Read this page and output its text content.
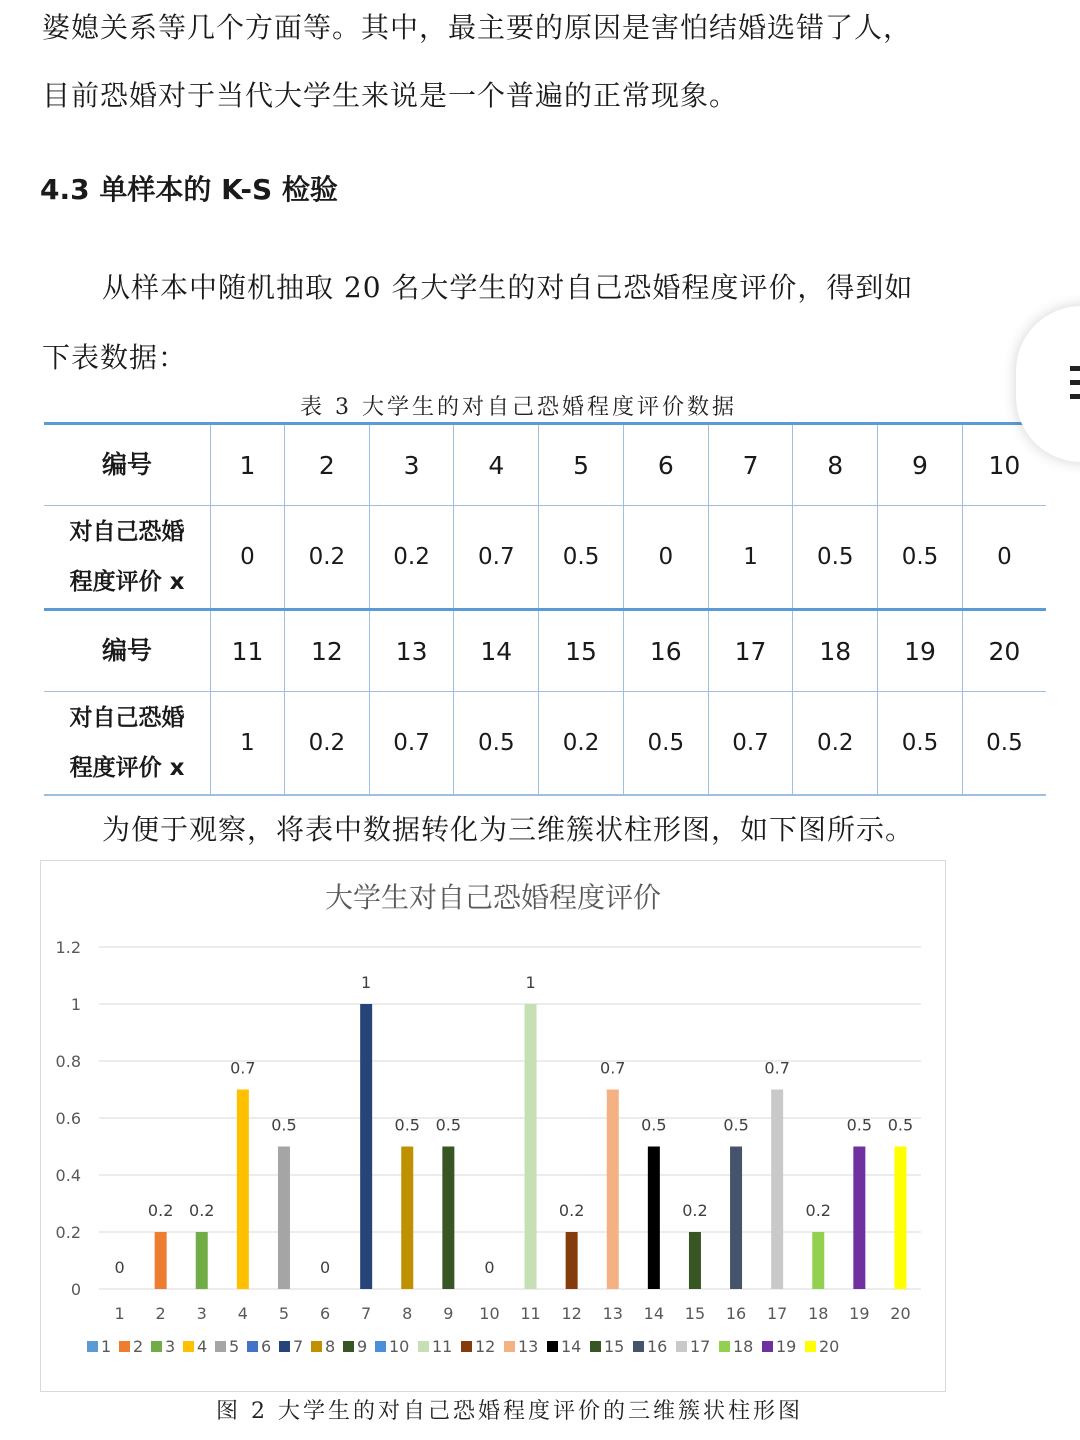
婆媳关系等几个方面等。其中，最主要的原因是害怕结婚选错了人，
目前恐婚对于当代大学生来说是一个普遍的正常现象。
4.3 单样本的 K-S 检验
从样本中随机抽取 20 名大学生的对自己恐婚程度评价，得到如
下表数据：
表 3 大学生的对自己恐婚程度评价数据
编号	1	2	3	4	5	6	7	8	9	10

对自己恐婚
程度评价 x	0	0.2	0.2	0.7	0.5	0	1	0.5	0.5	0
编号	11	12	13	14	15	16	17	18	19	20

对自己恐婚
程度评价 x	1	0.2	0.7	0.5	0.2	0.5	0.7	0.2	0.5	0.5
为便于观察，将表中数据转化为三维簇状柱形图，如下图所示。
大学生对自己恐婚程度评价
0
0.2
0.4
0.6
0.8
1
1.2
0
1
0.2
2
0.2
3
0.7
4
0.5
5
0
6
1
7
0.5
8
0.5
9
0
10
1
11
0.2
12
0.7
13
0.5
14
0.2
15
0.5
16
0.7
17
0.2
18
0.5
19
0.5
20
1 2 3 4 5 6 7 8 9 10 11 12 13 14 15 16 17 18 19 20
图 2 大学生的对自己恐婚程度评价的三维簇状柱形图
